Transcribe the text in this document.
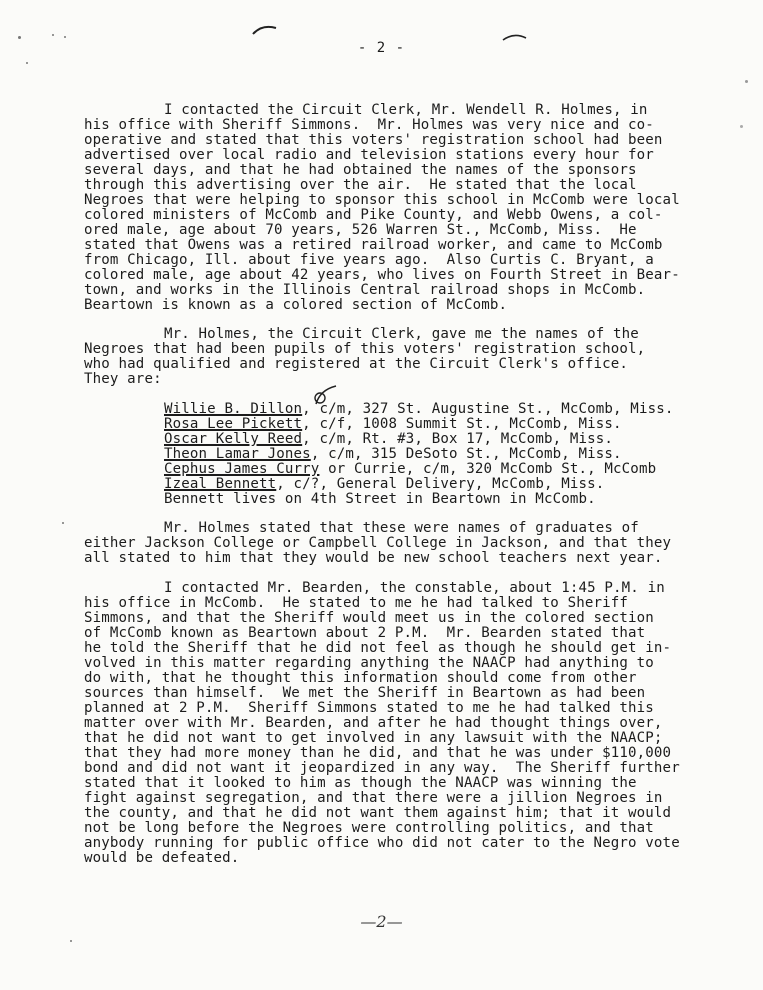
- 2 -
I contacted the Circuit Clerk, Mr. Wendell R. Holmes, in
his office with Sheriff Simmons.  Mr. Holmes was very nice and co-
operative and stated that this voters' registration school had been
advertised over local radio and television stations every hour for
several days, and that he had obtained the names of the sponsors
through this advertising over the air.  He stated that the local
Negroes that were helping to sponsor this school in McComb were local
colored ministers of McComb and Pike County, and Webb Owens, a col-
ored male, age about 70 years, 526 Warren St., McComb, Miss.  He
stated that Owens was a retired railroad worker, and came to McComb
from Chicago, Ill. about five years ago.  Also Curtis C. Bryant, a
colored male, age about 42 years, who lives on Fourth Street in Bear-
town, and works in the Illinois Central railroad shops in McComb.
Beartown is known as a colored section of McComb.
Mr. Holmes, the Circuit Clerk, gave me the names of the
Negroes that had been pupils of this voters' registration school,
who had qualified and registered at the Circuit Clerk's office.
They are:
Willie B. Dillon, c/m, 327 St. Augustine St., McComb, Miss.
Rosa Lee Pickett, c/f, 1008 Summit St., McComb, Miss.
Oscar Kelly Reed, c/m, Rt. #3, Box 17, McComb, Miss.
Theon Lamar Jones, c/m, 315 DeSoto St., McComb, Miss.
Cephus James Curry or Currie, c/m, 320 McComb St., McComb
Izeal Bennett, c/?, General Delivery, McComb, Miss.
Bennett lives on 4th Street in Beartown in McComb.
Mr. Holmes stated that these were names of graduates of
either Jackson College or Campbell College in Jackson, and that they
all stated to him that they would be new school teachers next year.
I contacted Mr. Bearden, the constable, about 1:45 P.M. in
his office in McComb.  He stated to me he had talked to Sheriff
Simmons, and that the Sheriff would meet us in the colored section
of McComb known as Beartown about 2 P.M.  Mr. Bearden stated that
he told the Sheriff that he did not feel as though he should get in-
volved in this matter regarding anything the NAACP had anything to
do with, that he thought this information should come from other
sources than himself.  We met the Sheriff in Beartown as had been
planned at 2 P.M.  Sheriff Simmons stated to me he had talked this
matter over with Mr. Bearden, and after he had thought things over,
that he did not want to get involved in any lawsuit with the NAACP;
that they had more money than he did, and that he was under $110,000
bond and did not want it jeopardized in any way.  The Sheriff further
stated that it looked to him as though the NAACP was winning the
fight against segregation, and that there were a jillion Negroes in
the county, and that he did not want them against him; that it would
not be long before the Negroes were controlling politics, and that
anybody running for public office who did not cater to the Negro vote
would be defeated.
—2—
